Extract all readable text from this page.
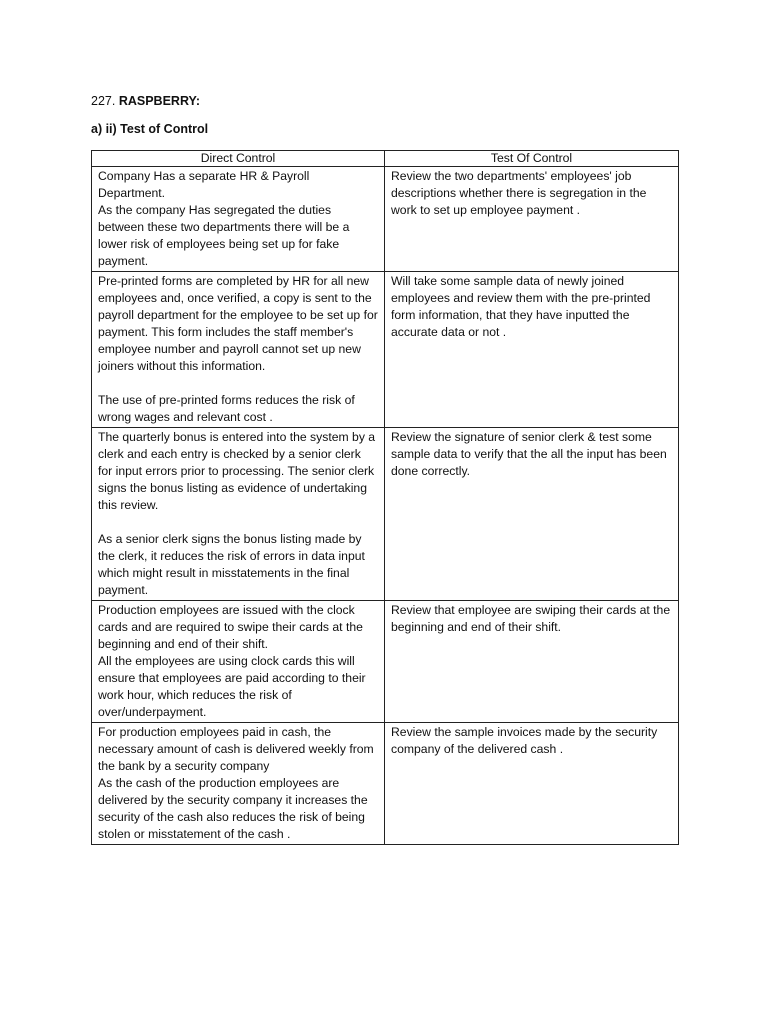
227. RASPBERRY:
a) ii) Test of Control
Direct Control	Test Of Control

Company Has a separate HR & Payroll Department.
As the company Has segregated the duties between these two departments there will be a lower risk of employees being set up for fake payment.	Review the two departments' employees' job descriptions whether there is segregation in the work to set up employee payment .

Pre-printed forms are completed by HR for all new employees and, once verified, a copy is sent to the payroll department for the employee to be set up for payment. This form includes the staff member's employee number and payroll cannot set up new joiners without this information.
The use of pre-printed forms reduces the risk of wrong wages and relevant cost .	Will take some sample data of newly joined employees and review them with the pre-printed form information, that they have inputted the accurate data or not .

The quarterly bonus is entered into the system by a clerk and each entry is checked by a senior clerk for input errors prior to processing. The senior clerk signs the bonus listing as evidence of undertaking this review.
As a senior clerk signs the bonus listing made by the clerk, it reduces the risk of errors in data input which might result in misstatements in the final payment.	Review the signature of senior clerk & test some sample data to verify that the all the input has been done correctly.

Production employees are issued with the clock cards and are required to swipe their cards at the beginning and end of their shift.
All the employees are using clock cards this will ensure that employees are paid according to their work hour, which reduces the risk of over/underpayment.	Review that employee are swiping their cards at the beginning and end of their shift.

For production employees paid in cash, the necessary amount of cash is delivered weekly from the bank by a security company
As the cash of the production employees are delivered by the security company it increases the security of the cash also reduces the risk of being stolen or misstatement of the cash .	Review the sample invoices made by the security company of the delivered cash .
